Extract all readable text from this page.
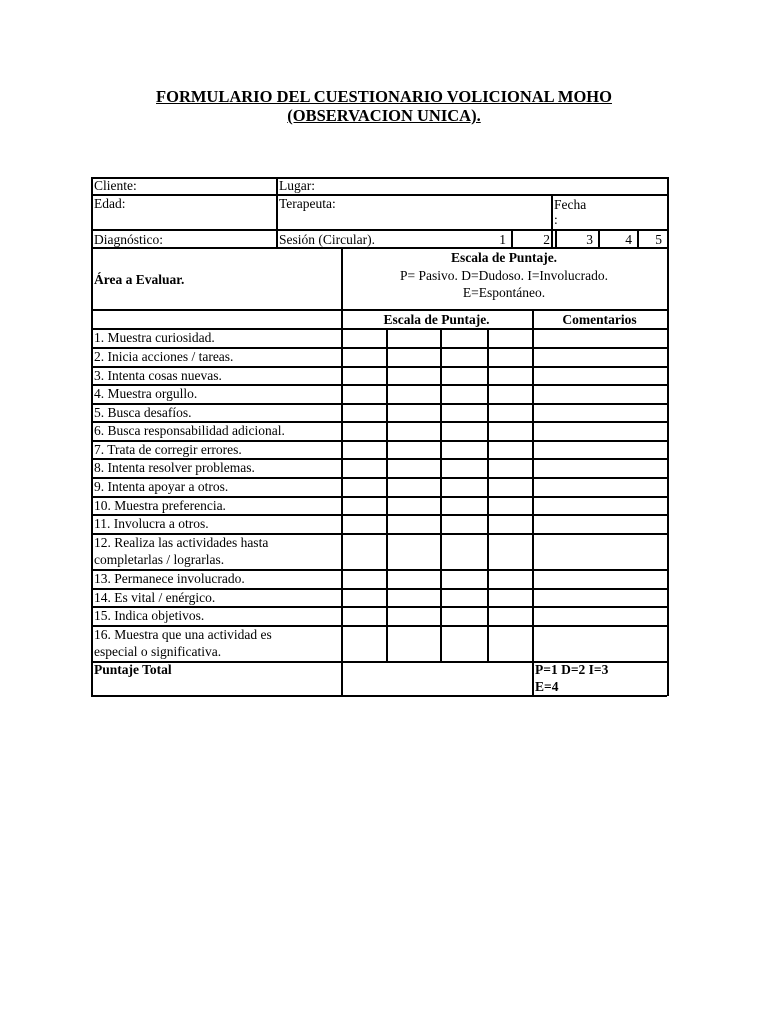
FORMULARIO DEL CUESTIONARIO VOLICIONAL MOHO
(OBSERVACION UNICA).
Cliente:	Lugar:
Edad:	Terapeuta:	Fecha
:
Diagnóstico:	Sesión (Circular).	1	2	3	4	5
Área a Evaluar.
Escala de Puntaje.
P= Pasivo. D=Dudoso. I=Involucrado.
E=Espontáneo.
Escala de Puntaje.	Comentarios
1. Muestra curiosidad.
2. Inicia acciones / tareas.
3. Intenta cosas nuevas.
4. Muestra orgullo.
5. Busca desafíos.
6. Busca responsabilidad adicional.
7. Trata de corregir errores.
8. Intenta resolver problemas.
9. Intenta apoyar a otros.
10. Muestra preferencia.
11. Involucra a otros.
12. Realiza las actividades hasta
completarlas / lograrlas.
13. Permanece involucrado.
14. Es vital / enérgico.
15. Indica objetivos.
16. Muestra que una actividad es
especial o significativa.
Puntaje Total	P=1 D=2 I=3
E=4
